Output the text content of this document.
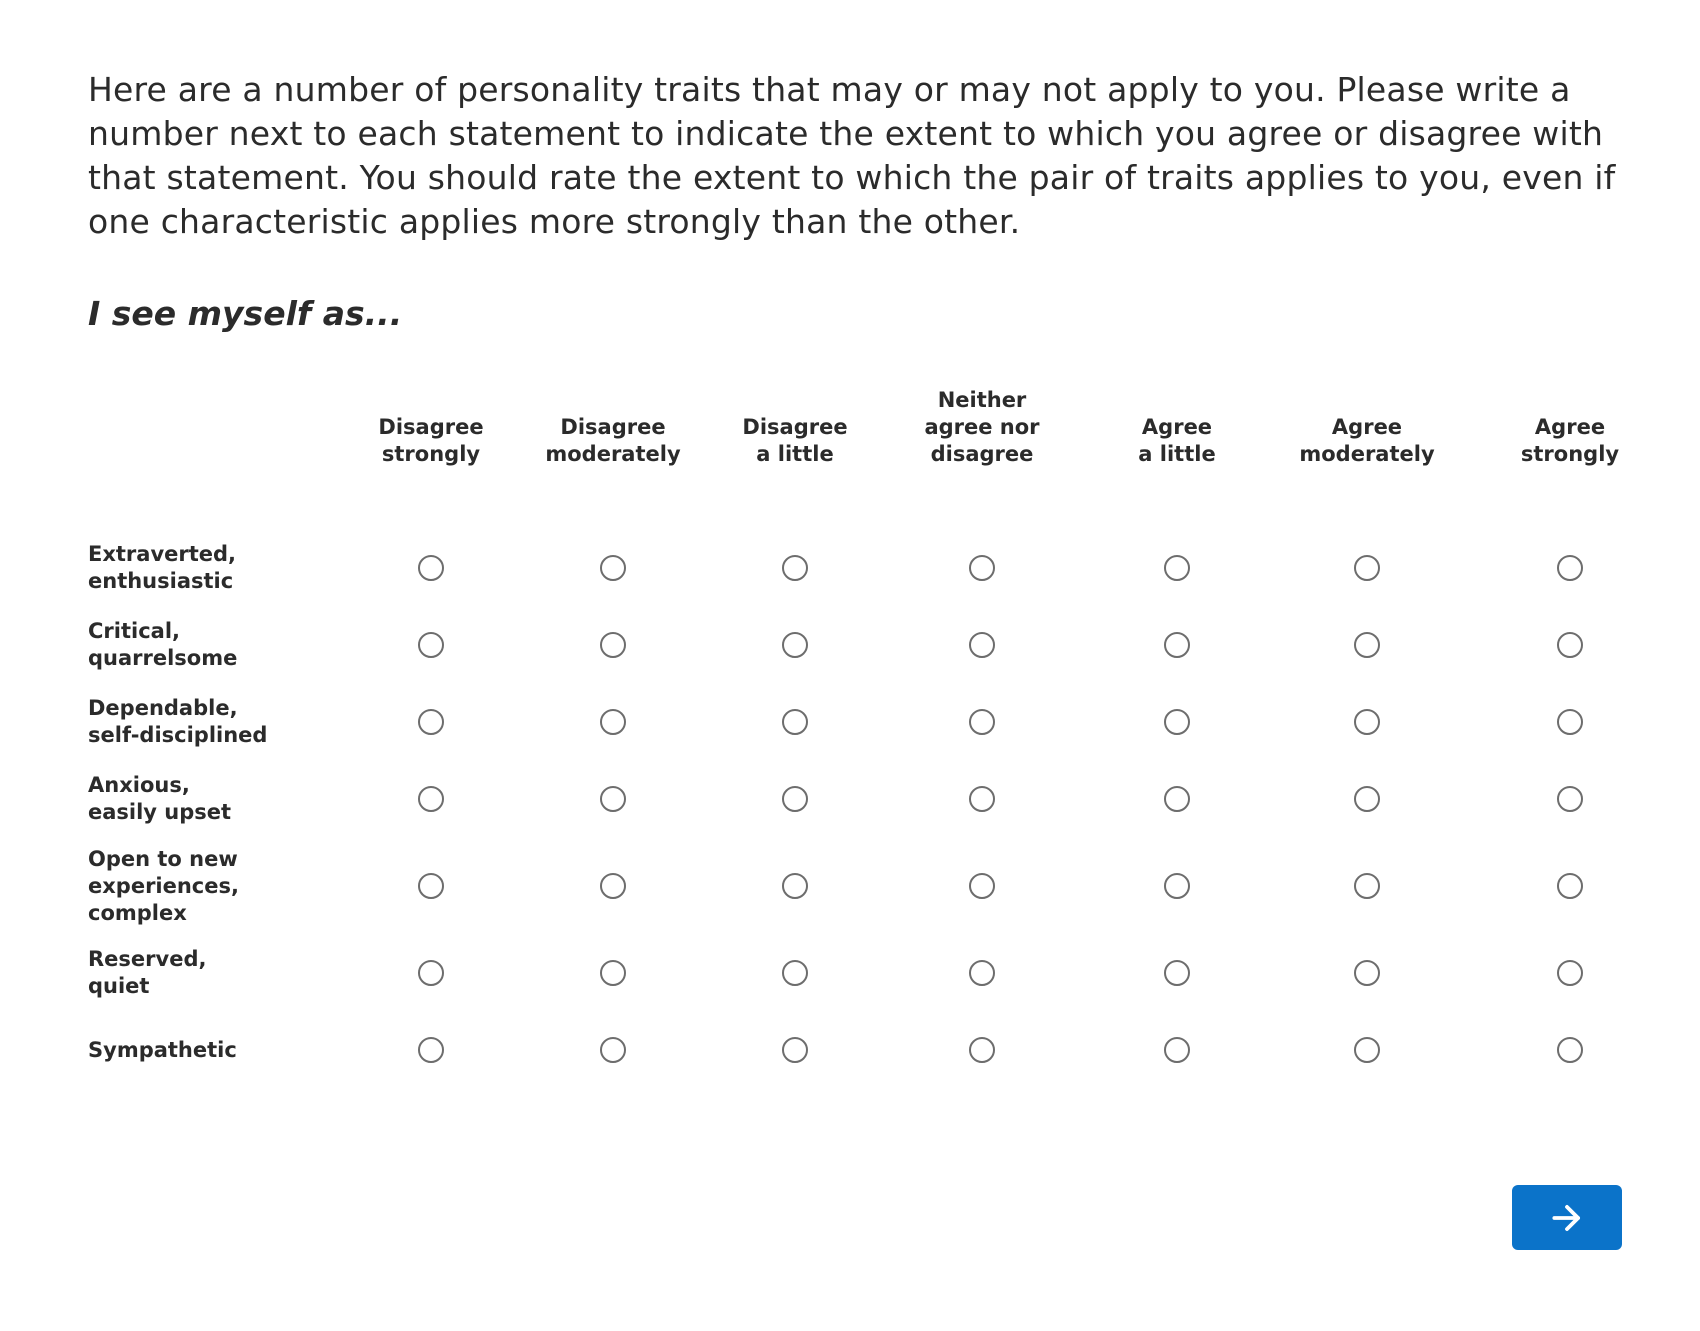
Here are a number of personality traits that may or may not apply to you. Please write a number next to each statement to indicate the extent to which you agree or disagree with that statement. You should rate the extent to which the pair of traits applies to you, even if one characteristic applies more strongly than the other.

I see myself as...
Disagree
strongly
Disagree
moderately
Disagree
a little
Neither
agree nor
disagree
Agree
a little
Agree
moderately
Agree
strongly
Extraverted,
enthusiastic
Critical,
quarrelsome
Dependable,
self-disciplined
Anxious,
easily upset
Open to new
experiences,
complex
Reserved,
quiet
Sympathetic
